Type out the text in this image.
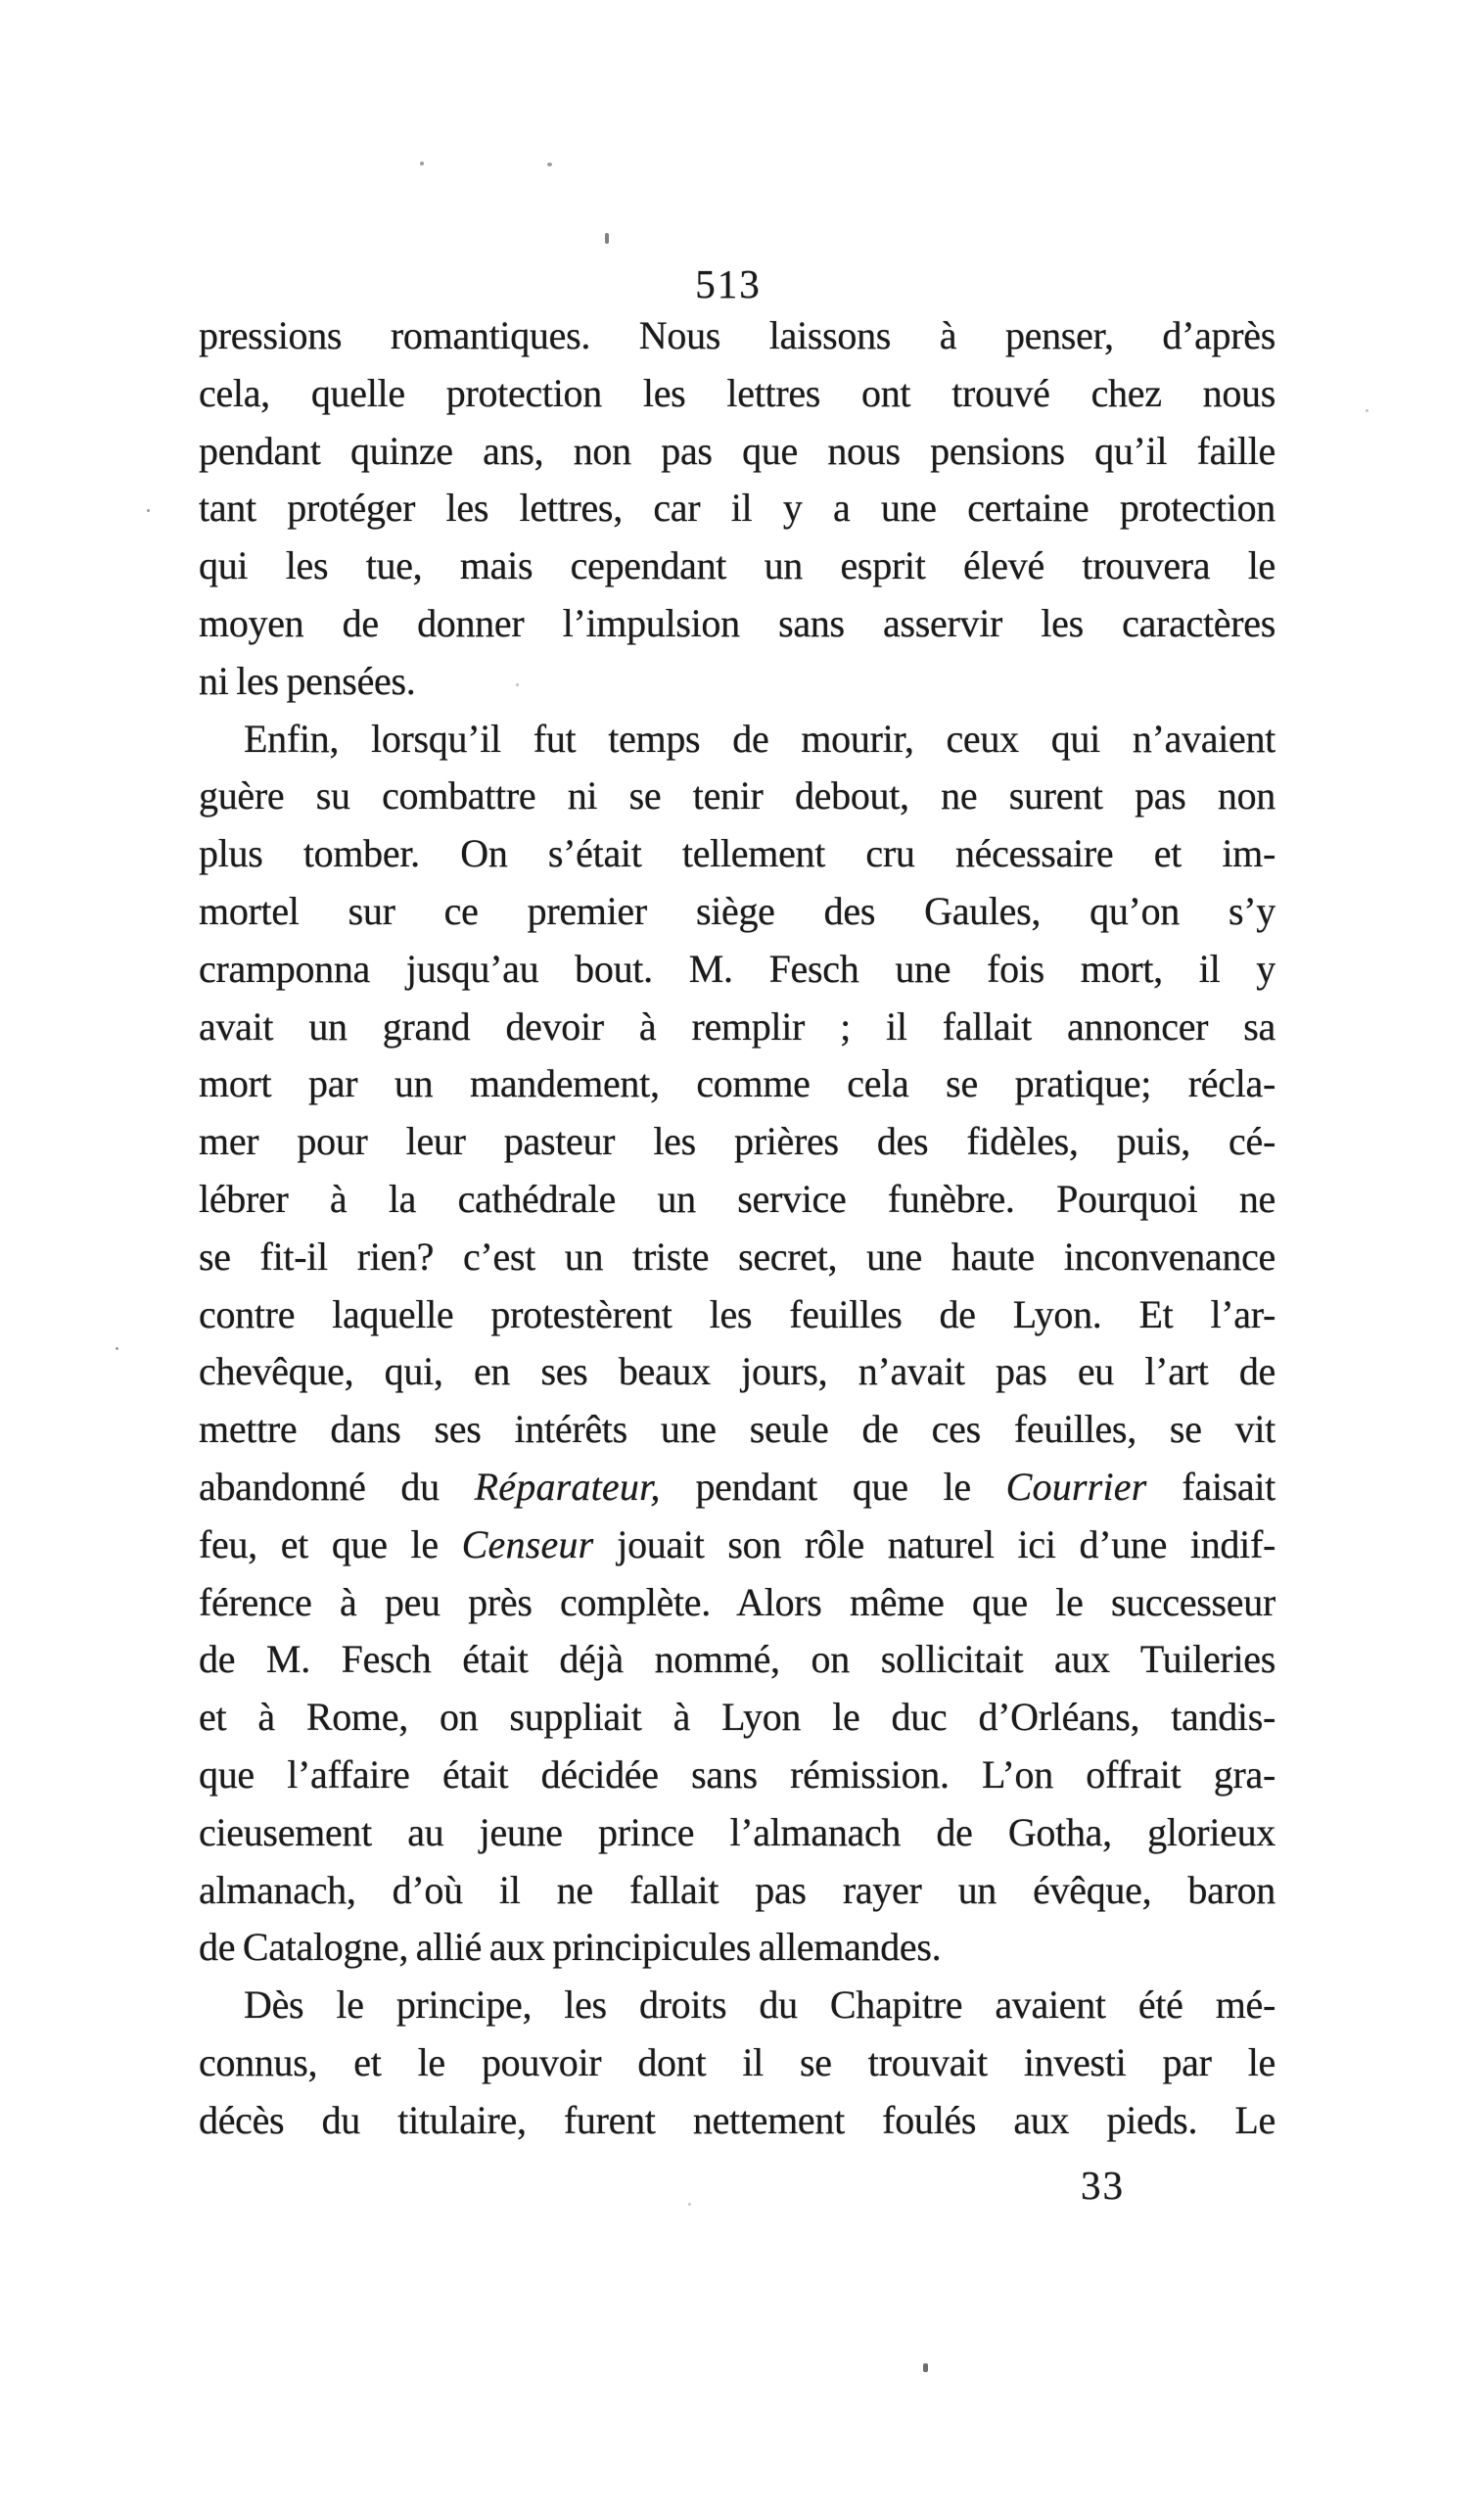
513
pressions romantiques. Nous laissons à penser, d’après
cela, quelle protection les lettres ont trouvé chez nous
pendant quinze ans, non pas que nous pensions qu’il faille
tant protéger les lettres, car il y a une certaine protection
qui les tue, mais cependant un esprit élevé trouvera le
moyen de donner l’impulsion sans asservir les caractères
ni les pensées.
Enfin, lorsqu’il fut temps de mourir, ceux qui n’avaient
guère su combattre ni se tenir debout, ne surent pas non
plus tomber. On s’était tellement cru nécessaire et im-
mortel sur ce premier siège des Gaules, qu’on s’y
cramponna jusqu’au bout. M. Fesch une fois mort, il y
avait un grand devoir à remplir ; il fallait annoncer sa
mort par un mandement, comme cela se pratique; récla-
mer pour leur pasteur les prières des fidèles, puis, cé-
lébrer à la cathédrale un service funèbre. Pourquoi ne
se fit-il rien? c’est un triste secret, une haute inconvenance
contre laquelle protestèrent les feuilles de Lyon. Et l’ar-
chevêque, qui, en ses beaux jours, n’avait pas eu l’art de
mettre dans ses intérêts une seule de ces feuilles, se vit
abandonné du Réparateur, pendant que le Courrier faisait
feu, et que le Censeur jouait son rôle naturel ici d’une indif-
férence à peu près complète. Alors même que le successeur
de M. Fesch était déjà nommé, on sollicitait aux Tuileries
et à Rome, on suppliait à Lyon le duc d’Orléans, tandis-
que l’affaire était décidée sans rémission. L’on offrait gra-
cieusement au jeune prince l’almanach de Gotha, glorieux
almanach, d’où il ne fallait pas rayer un évêque, baron
de Catalogne, allié aux principicules allemandes.
Dès le principe, les droits du Chapitre avaient été mé-
connus, et le pouvoir dont il se trouvait investi par le
décès du titulaire, furent nettement foulés aux pieds. Le
33
